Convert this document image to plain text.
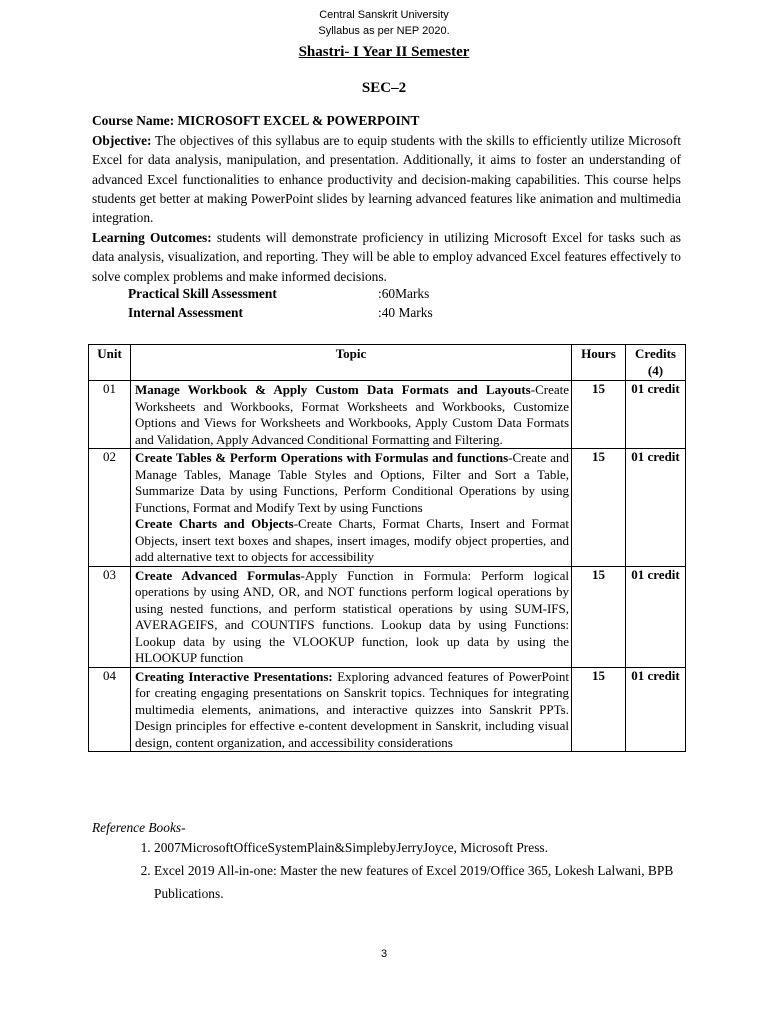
Central Sanskrit University
Syllabus as per NEP 2020.
Shastri- I Year II Semester
SEC–2
Course Name: MICROSOFT EXCEL & POWERPOINT
Objective: The objectives of this syllabus are to equip students with the skills to efficiently utilize Microsoft Excel for data analysis, manipulation, and presentation. Additionally, it aims to foster an understanding of advanced Excel functionalities to enhance productivity and decision-making capabilities. This course helps students get better at making PowerPoint slides by learning advanced features like animation and multimedia integration.
Learning Outcomes: students will demonstrate proficiency in utilizing Microsoft Excel for tasks such as data analysis, visualization, and reporting. They will be able to employ advanced Excel features effectively to solve complex problems and make informed decisions.
Practical Skill Assessment	:60Marks
Internal Assessment	:40 Marks
Unit	Topic	Hours	Credits (4)
01	Manage Workbook & Apply Custom Data Formats and Layouts-Create Worksheets and Workbooks, Format Worksheets and Workbooks, Customize Options and Views for Worksheets and Workbooks, Apply Custom Data Formats and Validation, Apply Advanced Conditional Formatting and Filtering.	15	01 credit
02	Create Tables & Perform Operations with Formulas and functions-Create and Manage Tables, Manage Table Styles and Options, Filter and Sort a Table, Summarize Data by using Functions, Perform Conditional Operations by using Functions, Format and Modify Text by using Functions
Create Charts and Objects-Create Charts, Format Charts, Insert and Format Objects, insert text boxes and shapes, insert images, modify object properties, and add alternative text to objects for accessibility	15	01 credit
03	Create Advanced Formulas-Apply Function in Formula: Perform logical operations by using AND, OR, and NOT functions perform logical operations by using nested functions, and perform statistical operations by using SUM-IFS, AVERAGEIFS, and COUNTIFS functions. Lookup data by using Functions: Lookup data by using the VLOOKUP function, look up data by using the HLOOKUP function	15	01 credit
04	Creating Interactive Presentations: Exploring advanced features of PowerPoint for creating engaging presentations on Sanskrit topics. Techniques for integrating multimedia elements, animations, and interactive quizzes into Sanskrit PPTs. Design principles for effective e-content development in Sanskrit, including visual design, content organization, and accessibility considerations	15	01 credit
Reference Books-
1. 2007MicrosoftOfficeSystemPlain&SimplebyJerryJoyce, Microsoft Press.
2. Excel 2019 All-in-one: Master the new features of Excel 2019/Office 365, Lokesh Lalwani, BPB Publications.
3
